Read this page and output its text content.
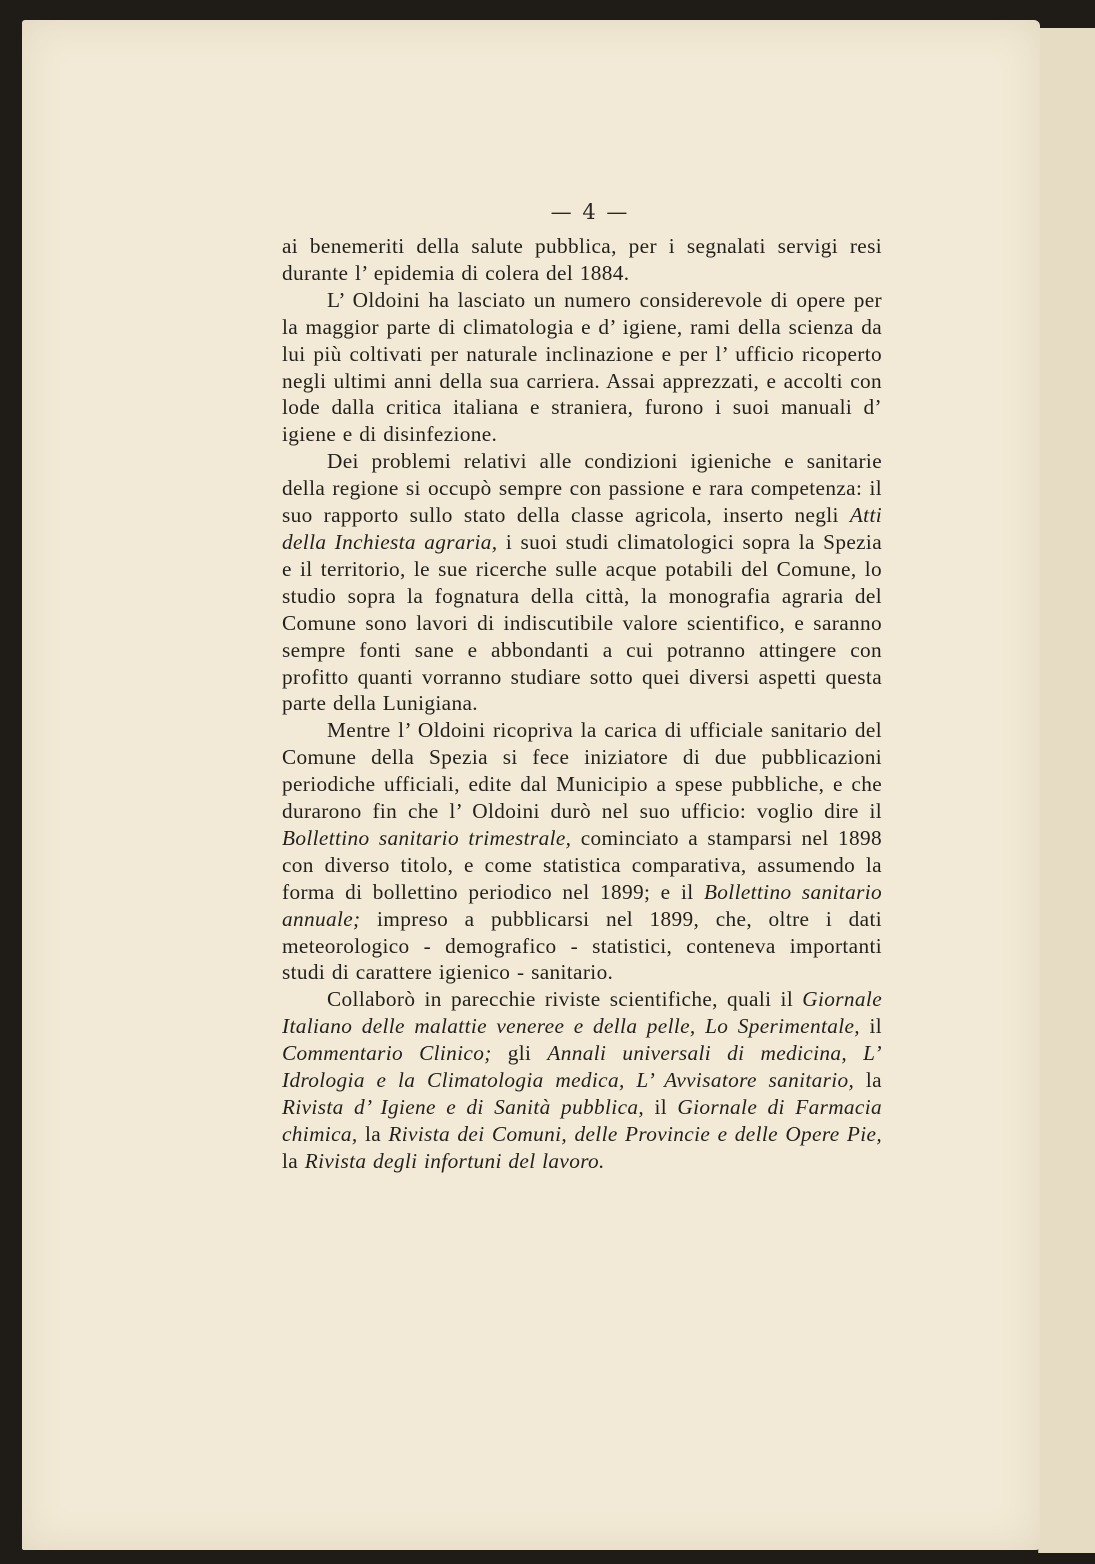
— 4 —

ai benemeriti della salute pubblica, per i segnalati servigi resi durante l’ epidemia di colera del 1884.

L’ Oldoini ha lasciato un numero considerevole di opere per la maggior parte di climatologia e d’ igiene, rami della scienza da lui più coltivati per naturale inclinazione e per l’ ufficio ricoperto negli ultimi anni della sua carriera. Assai apprezzati, e accolti con lode dalla critica italiana e straniera, furono i suoi manuali d’ igiene e di disinfezione.

Dei problemi relativi alle condizioni igieniche e sanitarie della regione si occupò sempre con passione e rara competenza: il suo rapporto sullo stato della classe agricola, inserto negli Atti della Inchiesta agraria, i suoi studi climatologici sopra la Spezia e il territorio, le sue ricerche sulle acque potabili del Comune, lo studio sopra la fognatura della città, la monografia agraria del Comune sono lavori di indiscutibile valore scientifico, e saranno sempre fonti sane e abbondanti a cui potranno attingere con profitto quanti vorranno studiare sotto quei diversi aspetti questa parte della Lunigiana.

Mentre l’ Oldoini ricopriva la carica di ufficiale sanitario del Comune della Spezia si fece iniziatore di due pubblicazioni periodiche ufficiali, edite dal Municipio a spese pubbliche, e che durarono fin che l’ Oldoini durò nel suo ufficio: voglio dire il Bollettino sanitario trimestrale, cominciato a stamparsi nel 1898 con diverso titolo, e come statistica comparativa, assumendo la forma di bollettino periodico nel 1899; e il Bollettino sanitario annuale; impreso a pubblicarsi nel 1899, che, oltre i dati meteorologico - demografico - statistici, conteneva importanti studi di carattere igienico - sanitario.

Collaborò in parecchie riviste scientifiche, quali il Giornale Italiano delle malattie veneree e della pelle, Lo Sperimentale, il Commentario Clinico; gli Annali universali di medicina, L’ Idrologia e la Climatologia medica, L’ Avvisatore sanitario, la Rivista d’ Igiene e di Sanità pubblica, il Giornale di Farmacia chimica, la Rivista dei Comuni, delle Provincie e delle Opere Pie, la Rivista degli infortuni del lavoro.
